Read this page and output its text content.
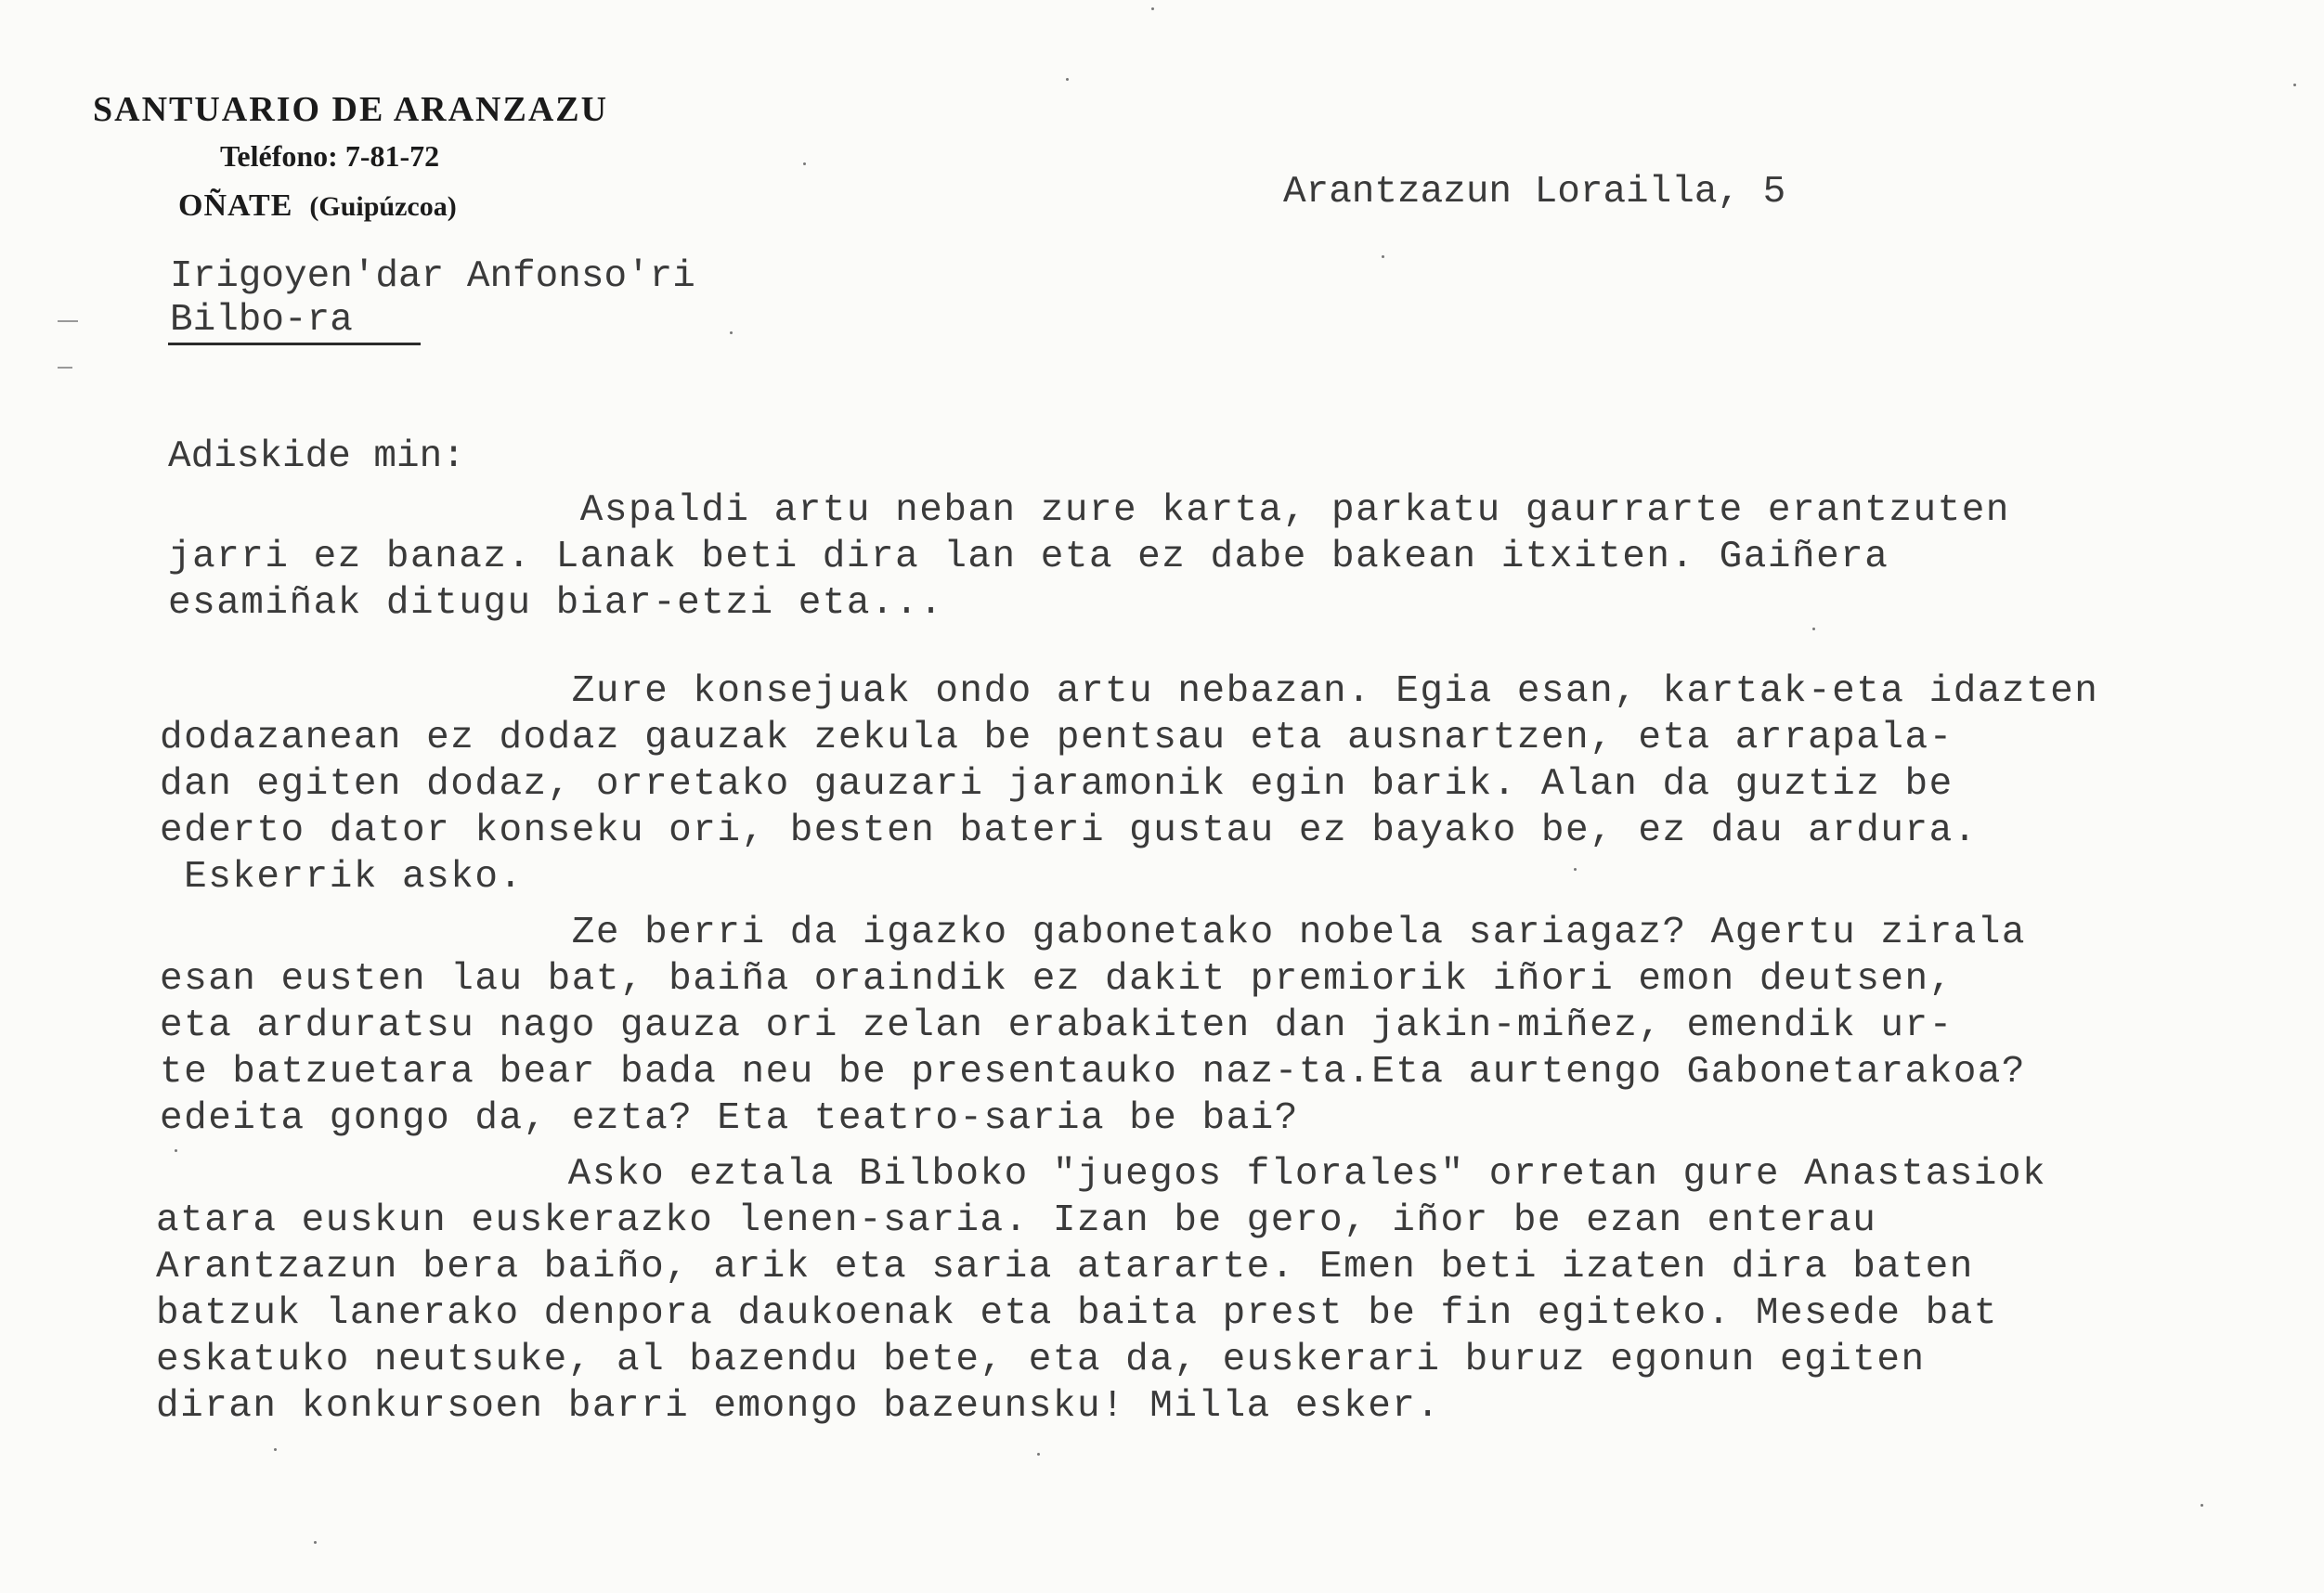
SANTUARIO DE ARANZAZU
Teléfono: 7-81-72
OÑATE (Guipúzcoa)	Arantzazun Lorailla, 5
Irigoyen'dar Anfonso'ri
Bilbo-ra
Adiskide min:
Aspaldi artu neban zure karta, parkatu gaurrarte erantzuten
jarri ez banaz. Lanak beti dira lan eta ez dabe bakean itxiten. Gaiñera
esamiñak ditugu biar-etzi eta...
Zure konsejuak ondo artu nebazan. Egia esan, kartak-eta idazten
dodazanean ez dodaz gauzak zekula be pentsau eta ausnartzen, eta arrapala-
dan egiten dodaz, orretako gauzari jaramonik egin barik. Alan da guztiz be
ederto dator konseku ori, besten bateri gustau ez bayako be, ez dau ardura.
Eskerrik asko.
Ze berri da igazko gabonetako nobela sariagaz? Agertu zirala
esan eusten lau bat, baiña oraindik ez dakit premiorik iñori emon deutsen,
eta arduratsu nago gauza ori zelan erabakiten dan jakin-miñez, emendik ur-
te batzuetara bear bada neu be presentauko naz-ta.Eta aurtengo Gabonetarakoa?
edeita gongo da, ezta? Eta teatro-saria be bai?
Asko eztala Bilboko "juegos florales" orretan gure Anastasiok
atara euskun euskerazko lenen-saria. Izan be gero, iñor be ezan enterau
Arantzazun bera baiño, arik eta saria atararte. Emen beti izaten dira baten
batzuk lanerako denpora daukoenak eta baita prest be fin egiteko. Mesede bat
eskatuko neutsuke, al bazendu bete, eta da, euskerari buruz egonun egiten
diran konkursoen barri emongo bazeunsku! Milla esker.
